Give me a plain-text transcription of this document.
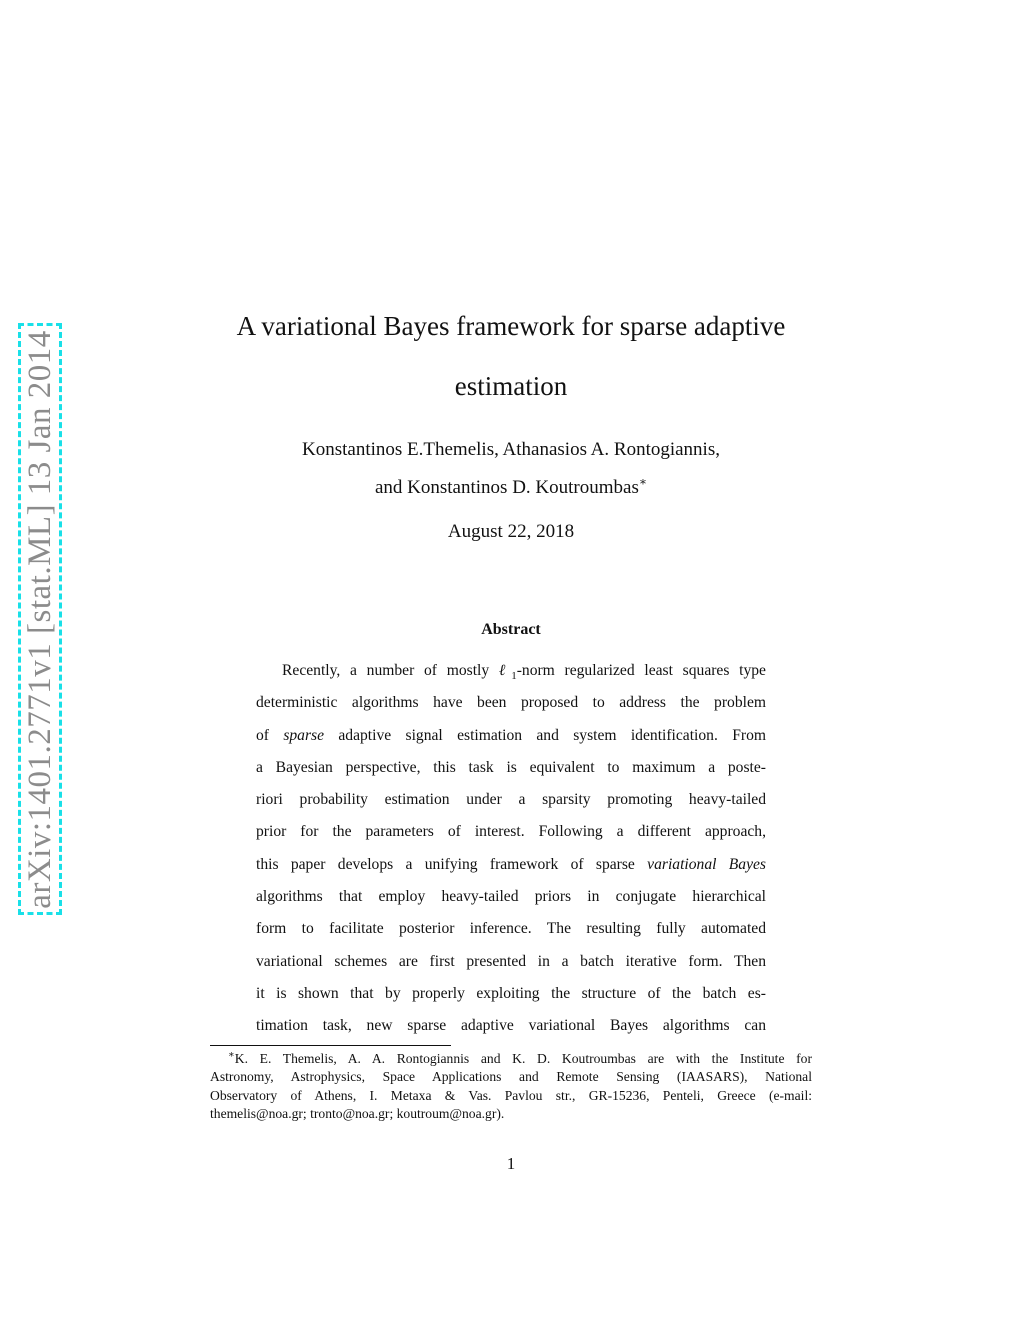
arXiv:1401.2771v1 [stat.ML] 13 Jan 2014
A variational Bayes framework for sparse adaptive
estimation
Konstantinos E.Themelis, Athanasios A. Rontogiannis,
and Konstantinos D. Koutroumbas∗
August 22, 2018
Abstract
Recently, a number of mostly ℓ$_1$-norm regularized least squares type
deterministic algorithms have been proposed to address the problem
of sparse adaptive signal estimation and system identification. From
a Bayesian perspective, this task is equivalent to maximum a poste-
riori probability estimation under a sparsity promoting heavy-tailed
prior for the parameters of interest. Following a different approach,
this paper develops a unifying framework of sparse variational Bayes
algorithms that employ heavy-tailed priors in conjugate hierarchical
form to facilitate posterior inference. The resulting fully automated
variational schemes are first presented in a batch iterative form. Then
it is shown that by properly exploiting the structure of the batch es-
timation task, new sparse adaptive variational Bayes algorithms can
∗K. E. Themelis, A. A. Rontogiannis and K. D. Koutroumbas are with the Institute for
Astronomy, Astrophysics, Space Applications and Remote Sensing (IAASARS), National
Observatory of Athens, I. Metaxa & Vas. Pavlou str., GR-15236, Penteli, Greece (e-mail:
themelis@noa.gr; tronto@noa.gr; koutroum@noa.gr).
1
